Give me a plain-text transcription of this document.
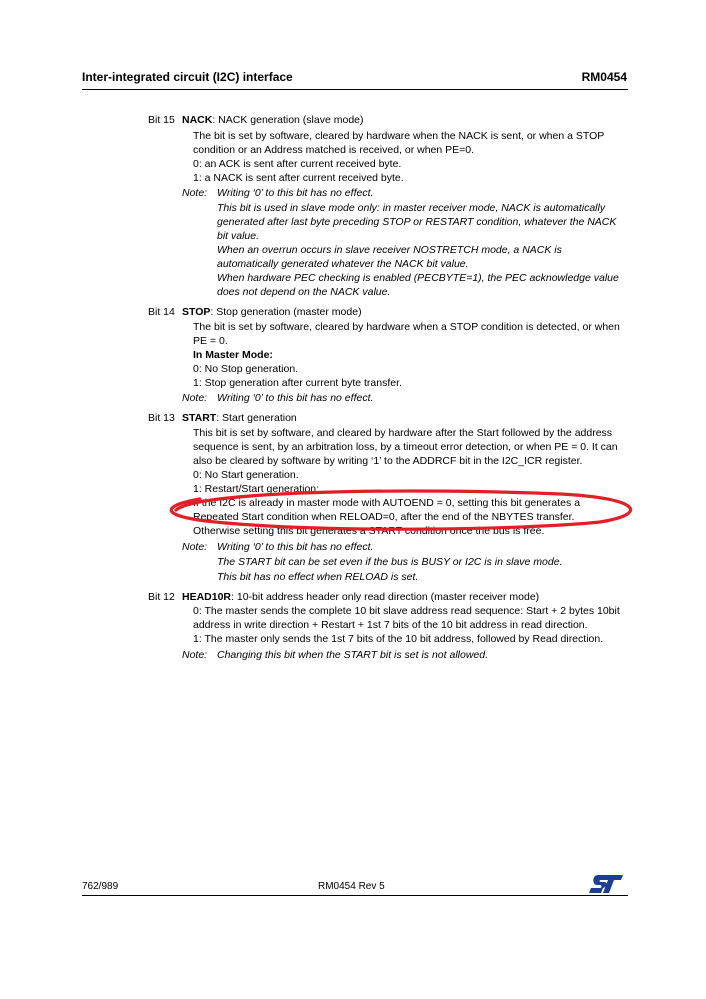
Inter-integrated circuit (I2C) interface	RM0454
Bit 15 NACK: NACK generation (slave mode)
The bit is set by software, cleared by hardware when the NACK is sent, or when a STOP
condition or an Address matched is received, or when PE=0.
0: an ACK is sent after current received byte.
1: a NACK is sent after current received byte.
Note: Writing ‘0’ to this bit has no effect.
This bit is used in slave mode only: in master receiver mode, NACK is automatically
generated after last byte preceding STOP or RESTART condition, whatever the NACK
bit value.
When an overrun occurs in slave receiver NOSTRETCH mode, a NACK is
automatically generated whatever the NACK bit value.
When hardware PEC checking is enabled (PECBYTE=1), the PEC acknowledge value
does not depend on the NACK value.
Bit 14 STOP: Stop generation (master mode)
The bit is set by software, cleared by hardware when a STOP condition is detected, or when
PE = 0.
In Master Mode:
0: No Stop generation.
1: Stop generation after current byte transfer.
Note: Writing ‘0’ to this bit has no effect.
Bit 13 START: Start generation
This bit is set by software, and cleared by hardware after the Start followed by the address
sequence is sent, by an arbitration loss, by a timeout error detection, or when PE = 0. It can
also be cleared by software by writing ‘1’ to the ADDRCF bit in the I2C_ICR register.
0: No Start generation.
1: Restart/Start generation:
If the I2C is already in master mode with AUTOEND = 0, setting this bit generates a
Repeated Start condition when RELOAD=0, after the end of the NBYTES transfer.
Otherwise setting this bit generates a START condition once the bus is free.
Note: Writing ‘0’ to this bit has no effect.
The START bit can be set even if the bus is BUSY or I2C is in slave mode.
This bit has no effect when RELOAD is set.
Bit 12 HEAD10R: 10-bit address header only read direction (master receiver mode)
0: The master sends the complete 10 bit slave address read sequence: Start + 2 bytes 10bit
address in write direction + Restart + 1st 7 bits of the 10 bit address in read direction.
1: The master only sends the 1st 7 bits of the 10 bit address, followed by Read direction.
Note: Changing this bit when the START bit is set is not allowed.
762/989	RM0454 Rev 5
